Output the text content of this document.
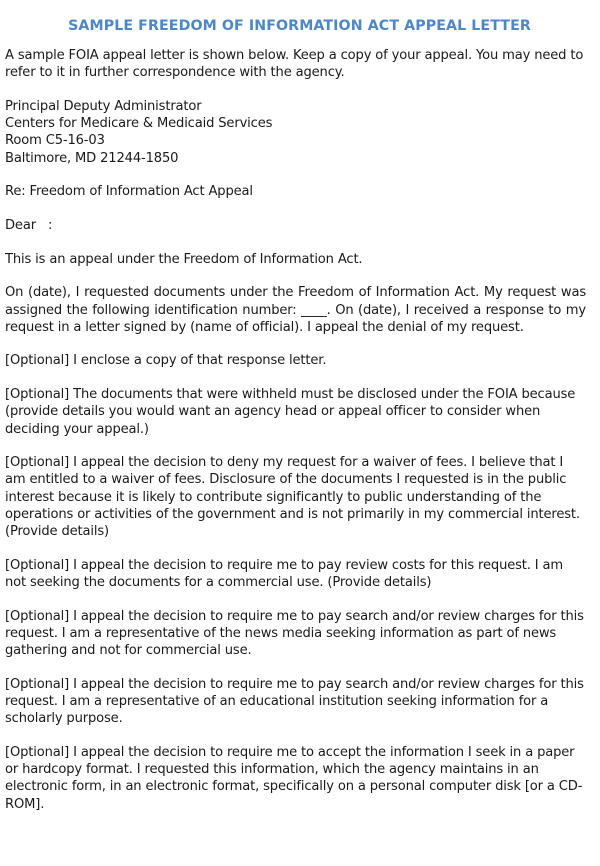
SAMPLE FREEDOM OF INFORMATION ACT APPEAL LETTER

A sample FOIA appeal letter is shown below. Keep a copy of your appeal. You may need to refer to it in further correspondence with the agency.

Principal Deputy Administrator
Centers for Medicare & Medicaid Services
Room C5-16-03
Baltimore, MD 21244-1850

Re: Freedom of Information Act Appeal

Dear   :

This is an appeal under the Freedom of Information Act.

On (date), I requested documents under the Freedom of Information Act. My request was assigned the following identification number: ____. On (date), I received a response to my request in a letter signed by (name of official). I appeal the denial of my request.

[Optional] I enclose a copy of that response letter.

[Optional] The documents that were withheld must be disclosed under the FOIA because (provide details you would want an agency head or appeal officer to consider when deciding your appeal.)

[Optional] I appeal the decision to deny my request for a waiver of fees. I believe that I am entitled to a waiver of fees. Disclosure of the documents I requested is in the public interest because it is likely to contribute significantly to public understanding of the operations or activities of the government and is not primarily in my commercial interest. (Provide details)

[Optional] I appeal the decision to require me to pay review costs for this request. I am not seeking the documents for a commercial use. (Provide details)

[Optional] I appeal the decision to require me to pay search and/or review charges for this request. I am a representative of the news media seeking information as part of news gathering and not for commercial use.

[Optional] I appeal the decision to require me to pay search and/or review charges for this request. I am a representative of an educational institution seeking information for a scholarly purpose.

[Optional] I appeal the decision to require me to accept the information I seek in a paper or hardcopy format. I requested this information, which the agency maintains in an electronic form, in an electronic format, specifically on a personal computer disk [or a CD-ROM].
